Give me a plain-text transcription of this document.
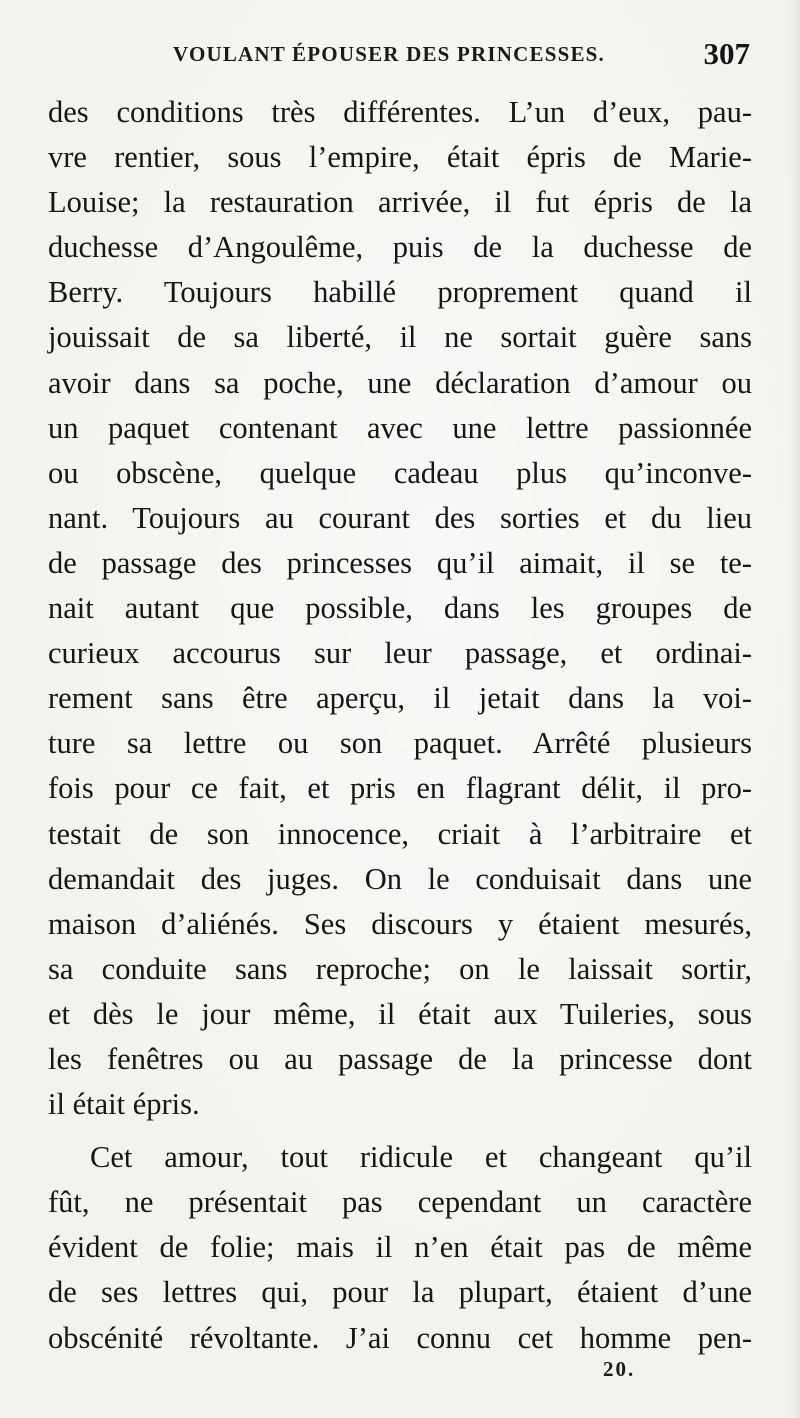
VOULANT ÉPOUSER DES PRINCESSES.	307
des conditions très différentes. L’un d’eux, pau-
vre rentier, sous l’empire, était épris de Marie-
Louise; la restauration arrivée, il fut épris de la
duchesse d’Angoulême, puis de la duchesse de
Berry. Toujours habillé proprement quand il
jouissait de sa liberté, il ne sortait guère sans
avoir dans sa poche, une déclaration d’amour ou
un paquet contenant avec une lettre passionnée
ou obscène, quelque cadeau plus qu’inconve-
nant. Toujours au courant des sorties et du lieu
de passage des princesses qu’il aimait, il se te-
nait autant que possible, dans les groupes de
curieux accourus sur leur passage, et ordinai-
rement sans être aperçu, il jetait dans la voi-
ture sa lettre ou son paquet. Arrêté plusieurs
fois pour ce fait, et pris en flagrant délit, il pro-
testait de son innocence, criait à l’arbitraire et
demandait des juges. On le conduisait dans une
maison d’aliénés. Ses discours y étaient mesurés,
sa conduite sans reproche; on le laissait sortir,
et dès le jour même, il était aux Tuileries, sous
les fenêtres ou au passage de la princesse dont
il était épris.
Cet amour, tout ridicule et changeant qu’il
fût, ne présentait pas cependant un caractère
évident de folie; mais il n’en était pas de même
de ses lettres qui, pour la plupart, étaient d’une
obscénité révoltante. J’ai connu cet homme pen-
20.
